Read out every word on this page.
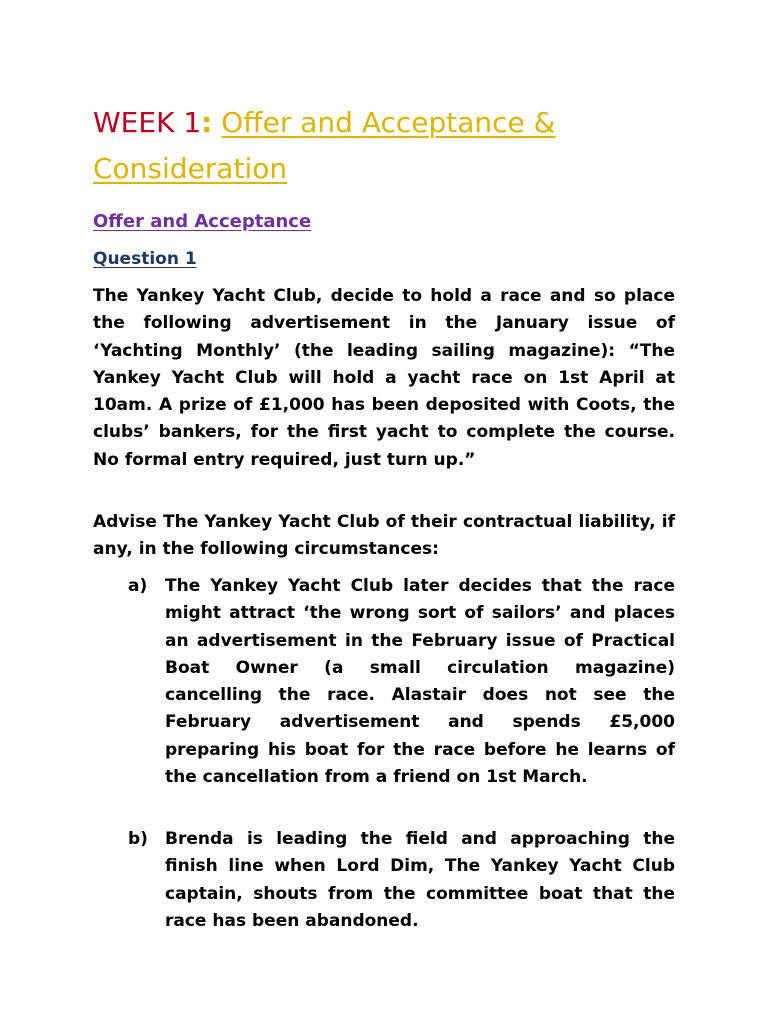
WEEK 1: Offer and Acceptance & Consideration
Offer and Acceptance
Question 1

The Yankey Yacht Club, decide to hold a race and so place the following advertisement in the January issue of ‘Yachting Monthly’ (the leading sailing magazine): “The Yankey Yacht Club will hold a yacht race on 1st April at 10am. A prize of £1,000 has been deposited with Coots, the clubs’ bankers, for the first yacht to complete the course. No formal entry required, just turn up.”

Advise The Yankey Yacht Club of their contractual liability, if any, in the following circumstances:

a) The Yankey Yacht Club later decides that the race might attract ‘the wrong sort of sailors’ and places an advertisement in the February issue of Practical Boat Owner (a small circulation magazine) cancelling the race. Alastair does not see the February advertisement and spends £5,000 preparing his boat for the race before he learns of the cancellation from a friend on 1st March.
b) Brenda is leading the field and approaching the finish line when Lord Dim, The Yankey Yacht Club captain, shouts from the committee boat that the race has been abandoned.
